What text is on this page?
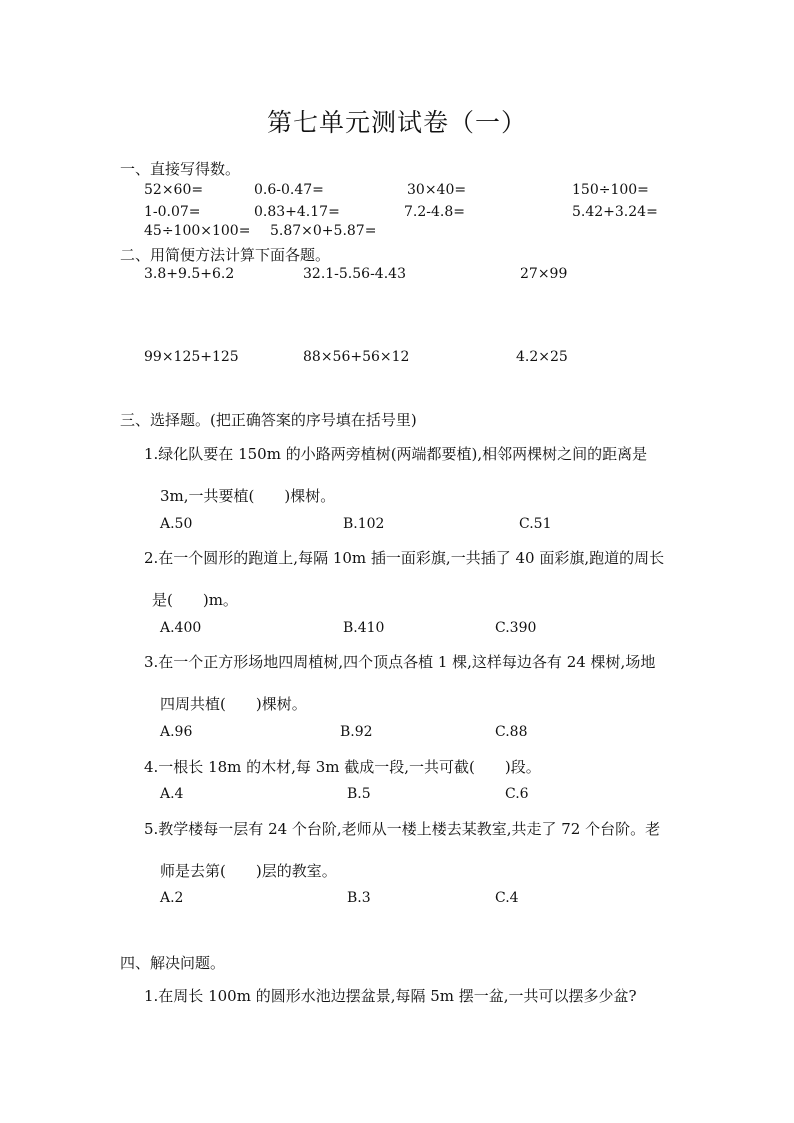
第七单元测试卷（一）
一、直接写得数。
52×60=	0.6-0.47=	30×40=	150÷100=
1-0.07=	0.83+4.17=	7.2-4.8=	5.42+3.24=
45÷100×100= 5.87×0+5.87=
二、用简便方法计算下面各题。
3.8+9.5+6.2	32.1-5.56-4.43	27×99
99×125+125	88×56+56×12	4.2×25
三、选择题。(把正确答案的序号填在括号里)
1.绿化队要在 150m 的小路两旁植树(两端都要植),相邻两棵树之间的距离是
3m,一共要植(　　)棵树。
A.50	B.102	C.51
2.在一个圆形的跑道上,每隔 10m 插一面彩旗,一共插了 40 面彩旗,跑道的周长
是(　　)m。
A.400	B.410	C.390
3.在一个正方形场地四周植树,四个顶点各植 1 棵,这样每边各有 24 棵树,场地
四周共植(　　)棵树。
A.96	B.92	C.88
4.一根长 18m 的木材,每 3m 截成一段,一共可截(　　)段。
A.4	B.5	C.6
5.教学楼每一层有 24 个台阶,老师从一楼上楼去某教室,共走了 72 个台阶。老
师是去第(　　)层的教室。
A.2	B.3	C.4
四、解决问题。
1.在周长 100m 的圆形水池边摆盆景,每隔 5m 摆一盆,一共可以摆多少盆?
